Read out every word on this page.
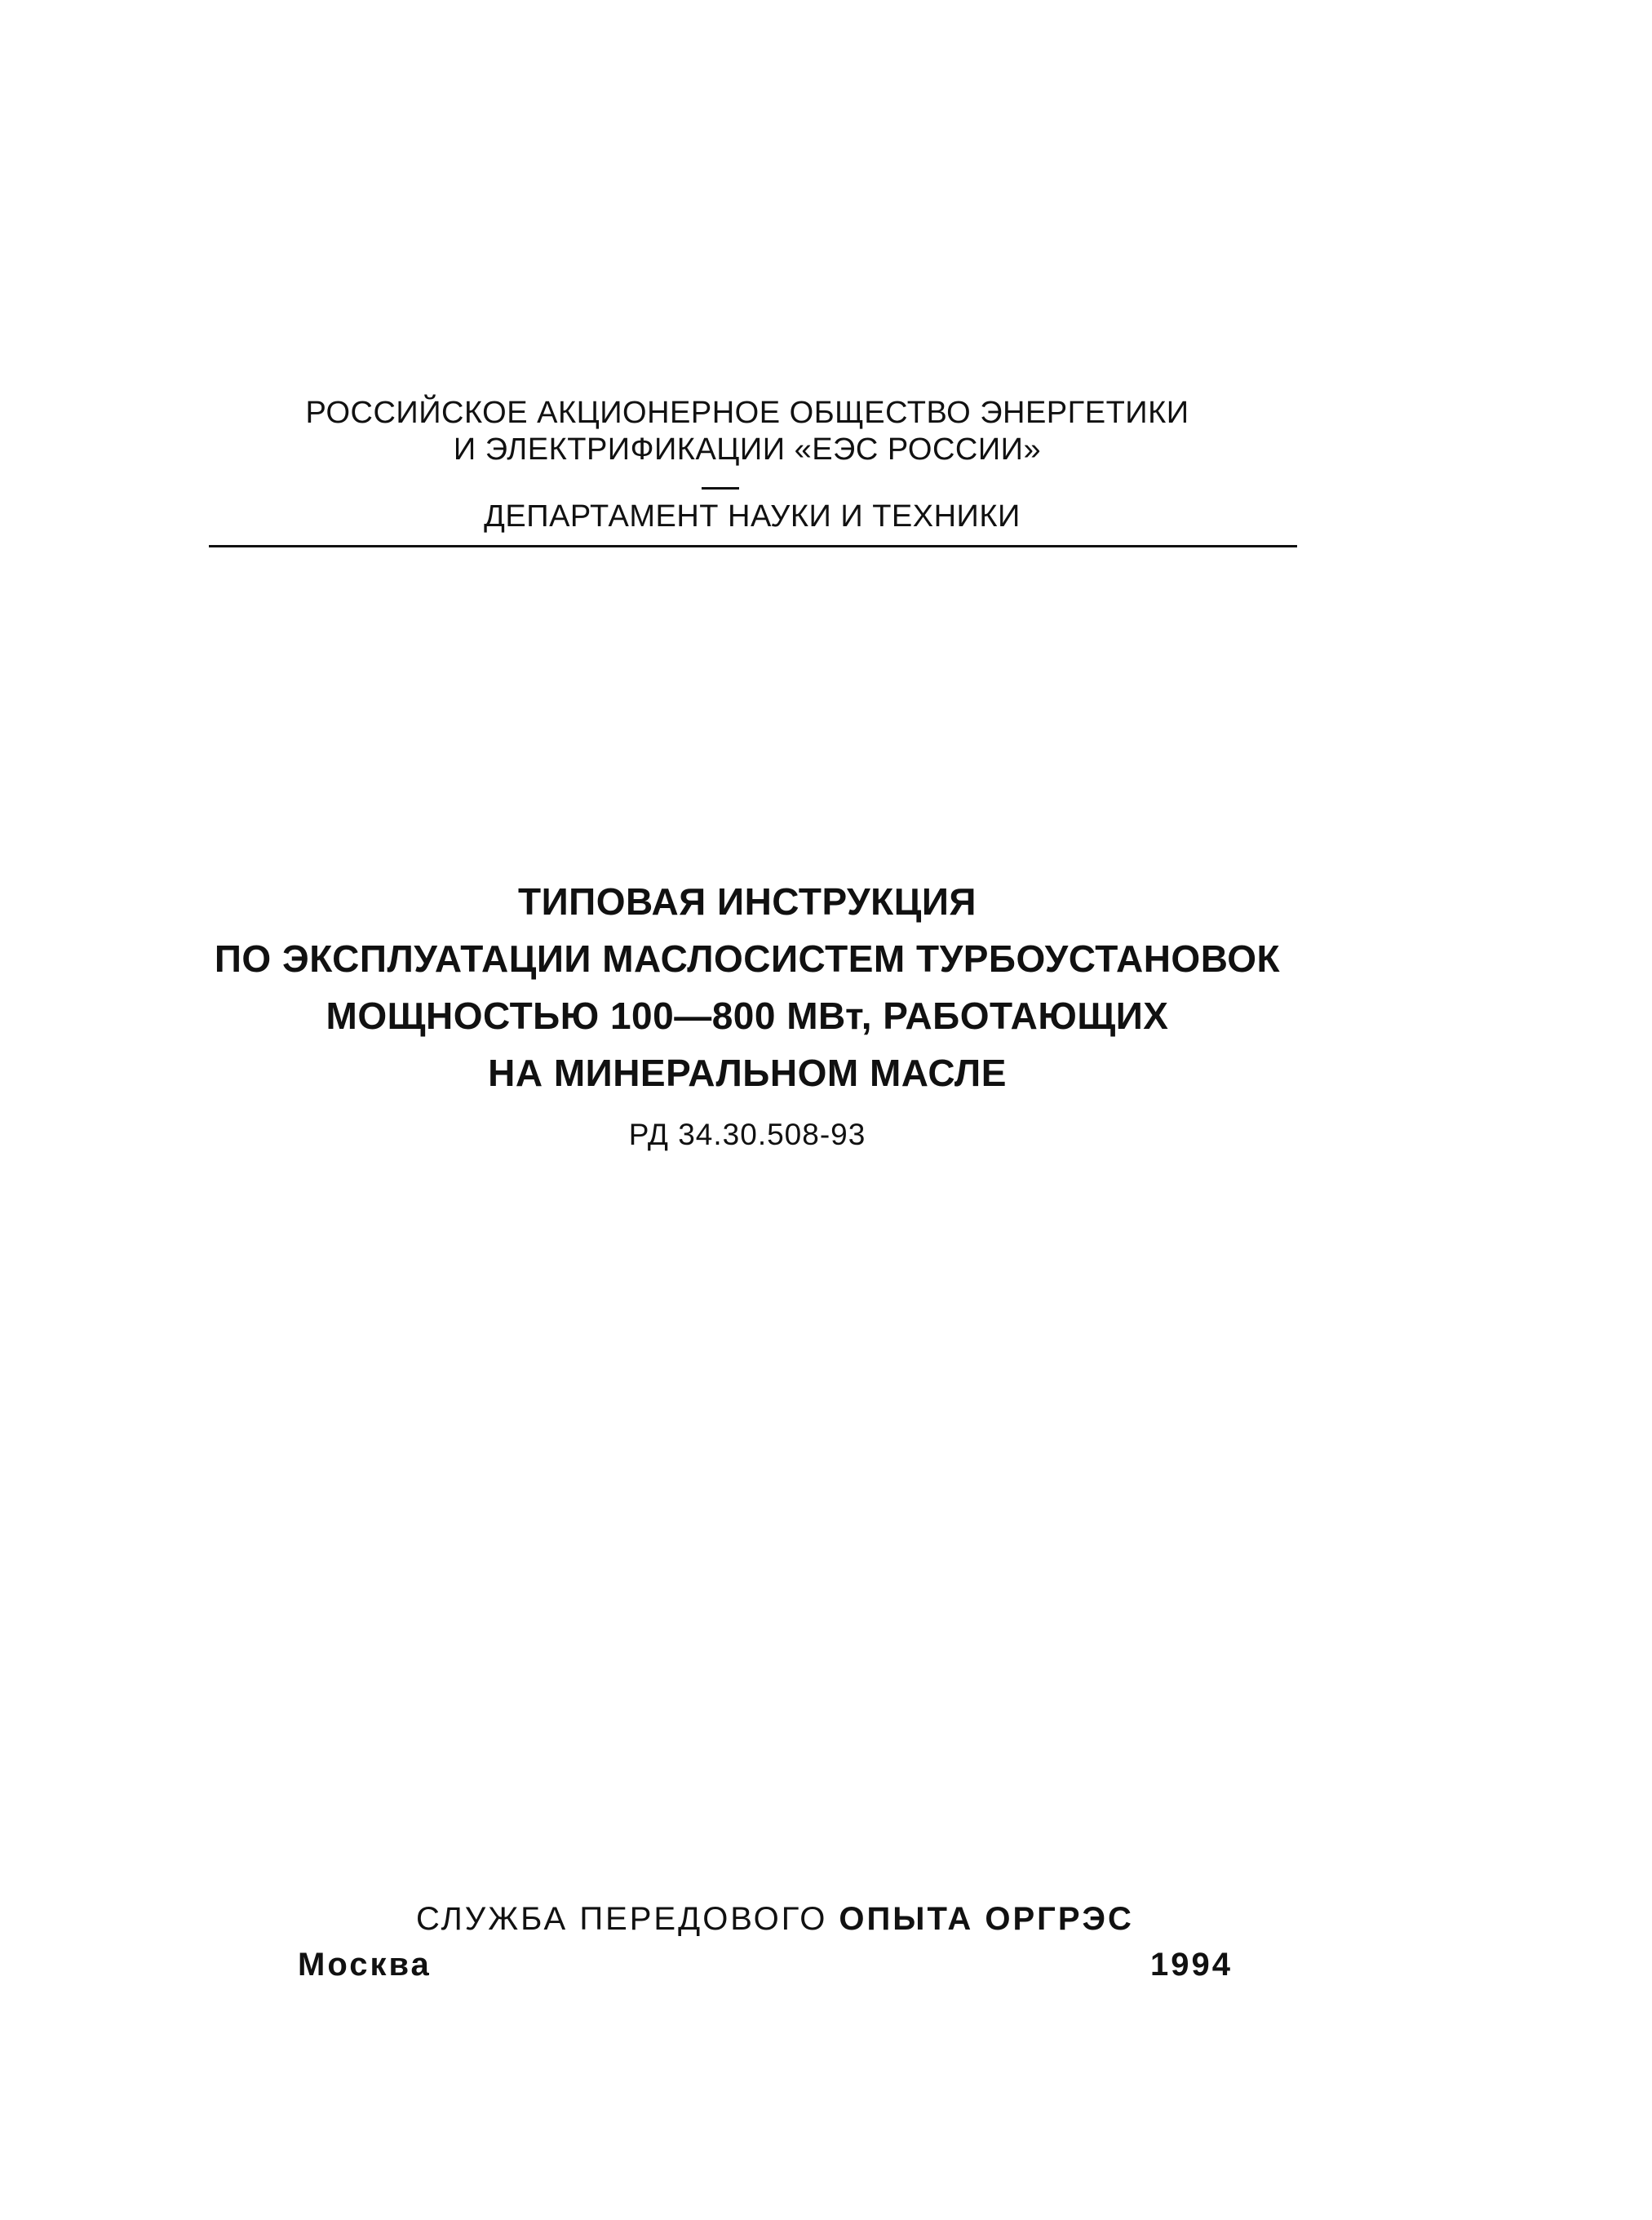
РОССИЙСКОЕ АКЦИОНЕРНОЕ ОБЩЕСТВО ЭНЕРГЕТИКИ
И ЭЛЕКТРИФИКАЦИИ «ЕЭС РОССИИ»
ДЕПАРТАМЕНТ НАУКИ И ТЕХНИКИ
ТИПОВАЯ ИНСТРУКЦИЯ
ПО ЭКСПЛУАТАЦИИ МАСЛОСИСТЕМ ТУРБОУСТАНОВОК
МОЩНОСТЬЮ 100—800 МВт, РАБОТАЮЩИХ
НА МИНЕРАЛЬНОМ МАСЛЕ
РД 34.30.508-93
СЛУЖБА ПЕРЕДОВОГО ОПЫТА ОРГРЭС
Москва	1994
